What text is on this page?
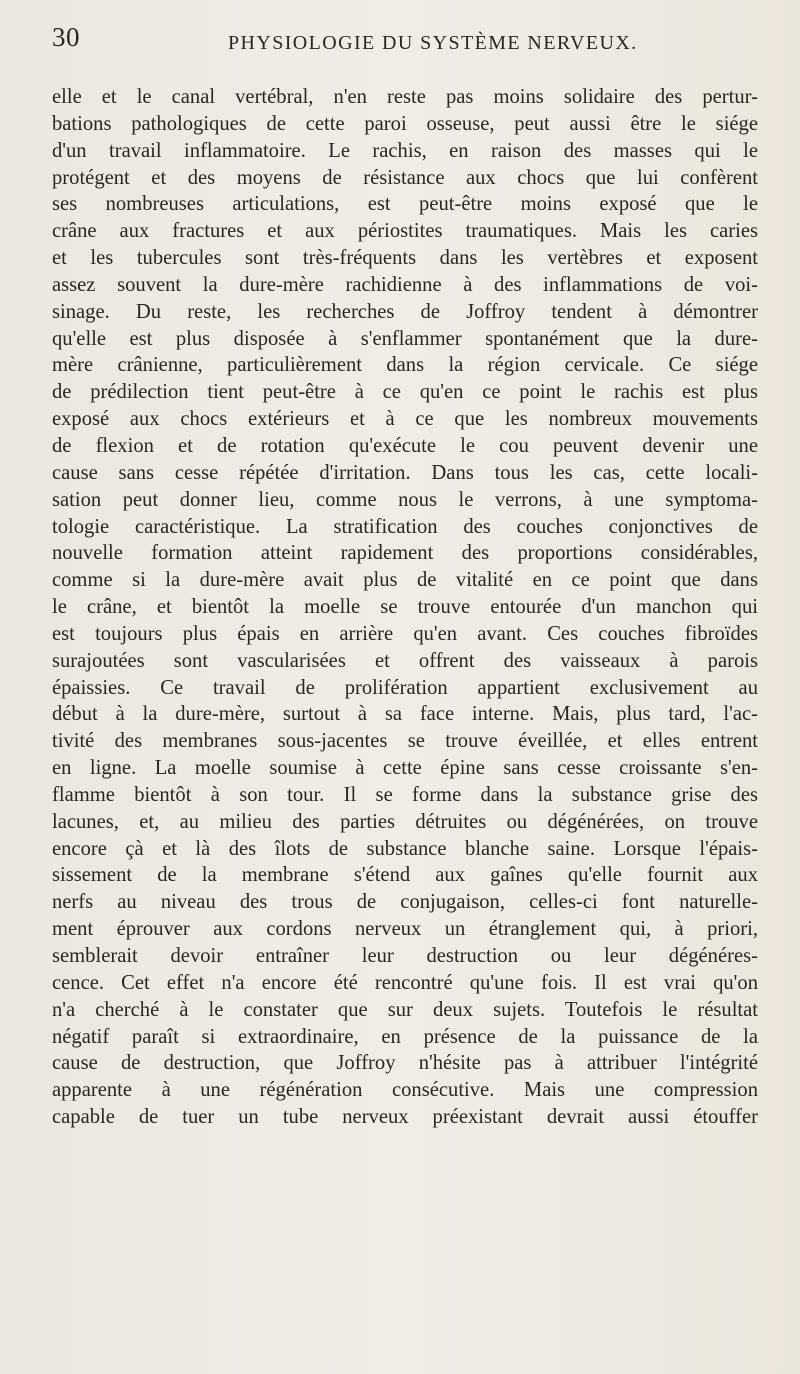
30	PHYSIOLOGIE DU SYSTÈME NERVEUX.
elle et le canal vertébral, n'en reste pas moins solidaire des pertur-
bations pathologiques de cette paroi osseuse, peut aussi être le siége
d'un travail inflammatoire. Le rachis, en raison des masses qui le
protégent et des moyens de résistance aux chocs que lui confèrent
ses nombreuses articulations, est peut-être moins exposé que le
crâne aux fractures et aux périostites traumatiques. Mais les caries
et les tubercules sont très-fréquents dans les vertèbres et exposent
assez souvent la dure-mère rachidienne à des inflammations de voi-
sinage. Du reste, les recherches de Joffroy tendent à démontrer
qu'elle est plus disposée à s'enflammer spontanément que la dure-
mère crânienne, particulièrement dans la région cervicale. Ce siége
de prédilection tient peut-être à ce qu'en ce point le rachis est plus
exposé aux chocs extérieurs et à ce que les nombreux mouvements
de flexion et de rotation qu'exécute le cou peuvent devenir une
cause sans cesse répétée d'irritation. Dans tous les cas, cette locali-
sation peut donner lieu, comme nous le verrons, à une symptoma-
tologie caractéristique. La stratification des couches conjonctives de
nouvelle formation atteint rapidement des proportions considérables,
comme si la dure-mère avait plus de vitalité en ce point que dans
le crâne, et bientôt la moelle se trouve entourée d'un manchon qui
est toujours plus épais en arrière qu'en avant. Ces couches fibroïdes
surajoutées sont vascularisées et offrent des vaisseaux à parois
épaissies. Ce travail de prolifération appartient exclusivement au
début à la dure-mère, surtout à sa face interne. Mais, plus tard, l'ac-
tivité des membranes sous-jacentes se trouve éveillée, et elles entrent
en ligne. La moelle soumise à cette épine sans cesse croissante s'en-
flamme bientôt à son tour. Il se forme dans la substance grise des
lacunes, et, au milieu des parties détruites ou dégénérées, on trouve
encore çà et là des îlots de substance blanche saine. Lorsque l'épais-
sissement de la membrane s'étend aux gaînes qu'elle fournit aux
nerfs au niveau des trous de conjugaison, celles-ci font naturelle-
ment éprouver aux cordons nerveux un étranglement qui, à priori,
semblerait devoir entraîner leur destruction ou leur dégénéres-
cence. Cet effet n'a encore été rencontré qu'une fois. Il est vrai qu'on
n'a cherché à le constater que sur deux sujets. Toutefois le résultat
négatif paraît si extraordinaire, en présence de la puissance de la
cause de destruction, que Joffroy n'hésite pas à attribuer l'intégrité
apparente à une régénération consécutive. Mais une compression
capable de tuer un tube nerveux préexistant devrait aussi étouffer
